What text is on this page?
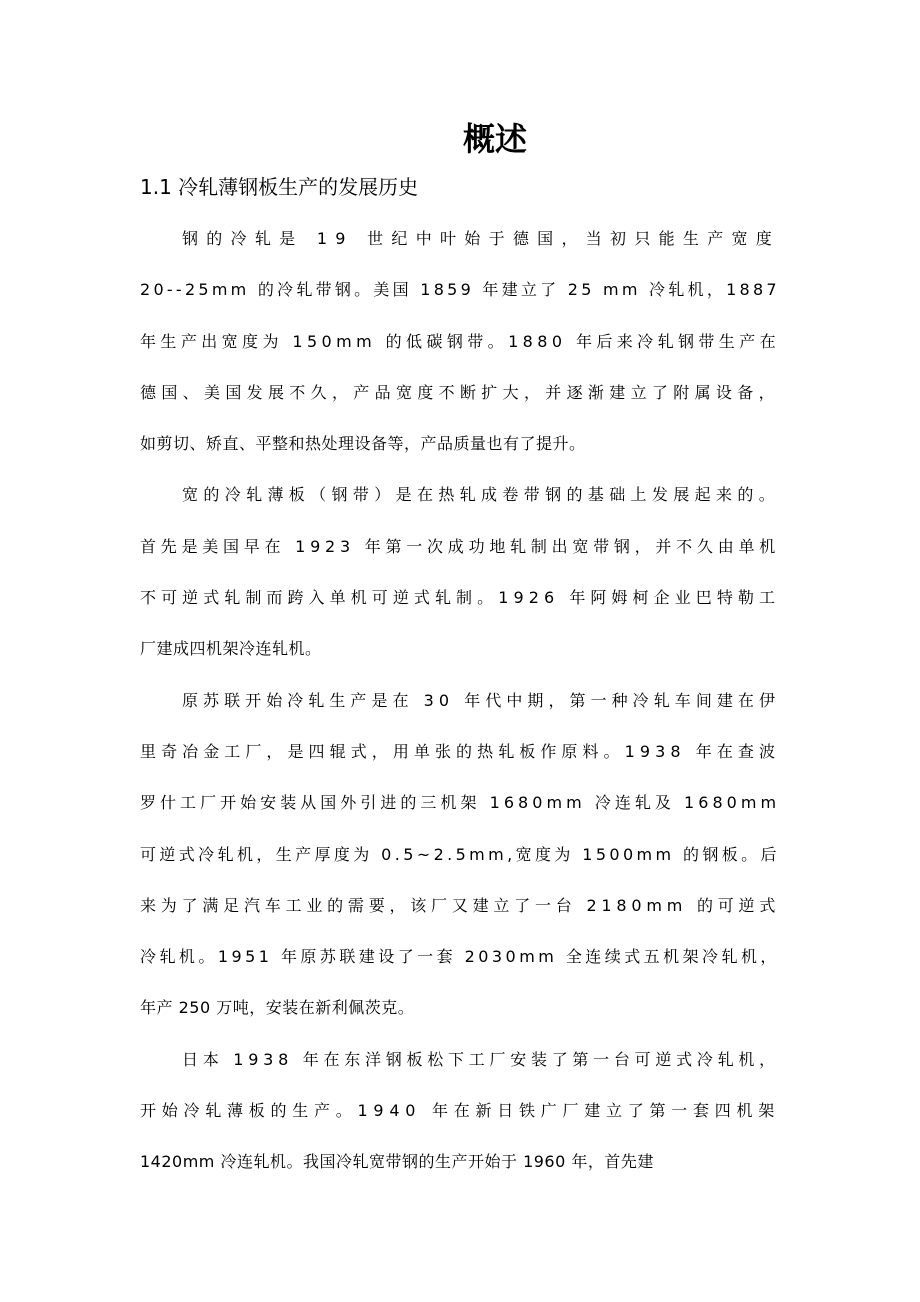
概述
1.1 冷轧薄钢板生产的发展历史
钢的冷轧是 19 世纪中叶始于德国，当初只能生产宽度
20--25mm 的冷轧带钢。美国 1859 年建立了 25 mm 冷轧机，1887
年生产出宽度为 150mm 的低碳钢带。1880 年后来冷轧钢带生产在
德国、美国发展不久，产品宽度不断扩大，并逐渐建立了附属设备，
如剪切、矫直、平整和热处理设备等，产品质量也有了提升。
宽的冷轧薄板（钢带）是在热轧成卷带钢的基础上发展起来的。
首先是美国早在 1923 年第一次成功地轧制出宽带钢，并不久由单机
不可逆式轧制而跨入单机可逆式轧制。1926 年阿姆柯企业巴特勒工
厂建成四机架冷连轧机。
原苏联开始冷轧生产是在 30 年代中期，第一种冷轧车间建在伊
里奇冶金工厂，是四辊式，用单张的热轧板作原料。1938 年在查波
罗什工厂开始安装从国外引进的三机架 1680mm 冷连轧及 1680mm
可逆式冷轧机，生产厚度为 0.5~2.5mm,宽度为 1500mm 的钢板。后
来为了满足汽车工业的需要，该厂又建立了一台 2180mm 的可逆式
冷轧机。1951 年原苏联建设了一套 2030mm 全连续式五机架冷轧机，
年产 250 万吨，安装在新利佩茨克。
日本 1938 年在东洋钢板松下工厂安装了第一台可逆式冷轧机，
开始冷轧薄板的生产。1940 年在新日铁广厂建立了第一套四机架
1420mm 冷连轧机。我国冷轧宽带钢的生产开始于 1960 年，首先建
